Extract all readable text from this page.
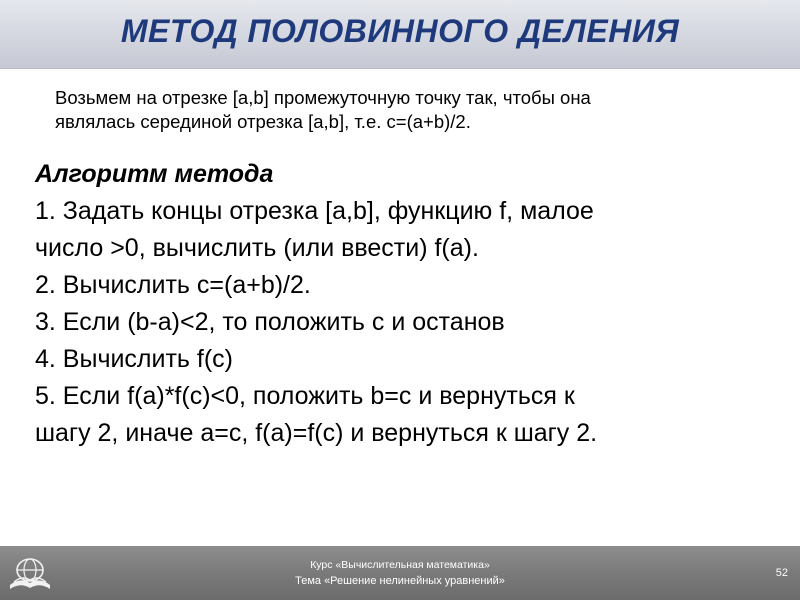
МЕТОД ПОЛОВИННОГО ДЕЛЕНИЯ
Возьмем на отрезке [a,b] промежуточную точку так, чтобы она
являлась серединой отрезка [a,b], т.е. c=(a+b)/2.

Алгоритм метода

1. Задать концы отрезка [a,b], функцию f, малое

число >0, вычислить (или ввести) f(a).

2. Вычислить c=(a+b)/2.

3. Если (b-a)<2, то положить c и останов

4. Вычислить f(c)

5. Если f(a)*f(c)<0, положить b=c и вернуться к

шагу 2, иначе a=c, f(a)=f(c) и вернуться к шагу 2.

Курс «Вычислительная математика»
Тема «Решение нелинейных уравнений»
52
